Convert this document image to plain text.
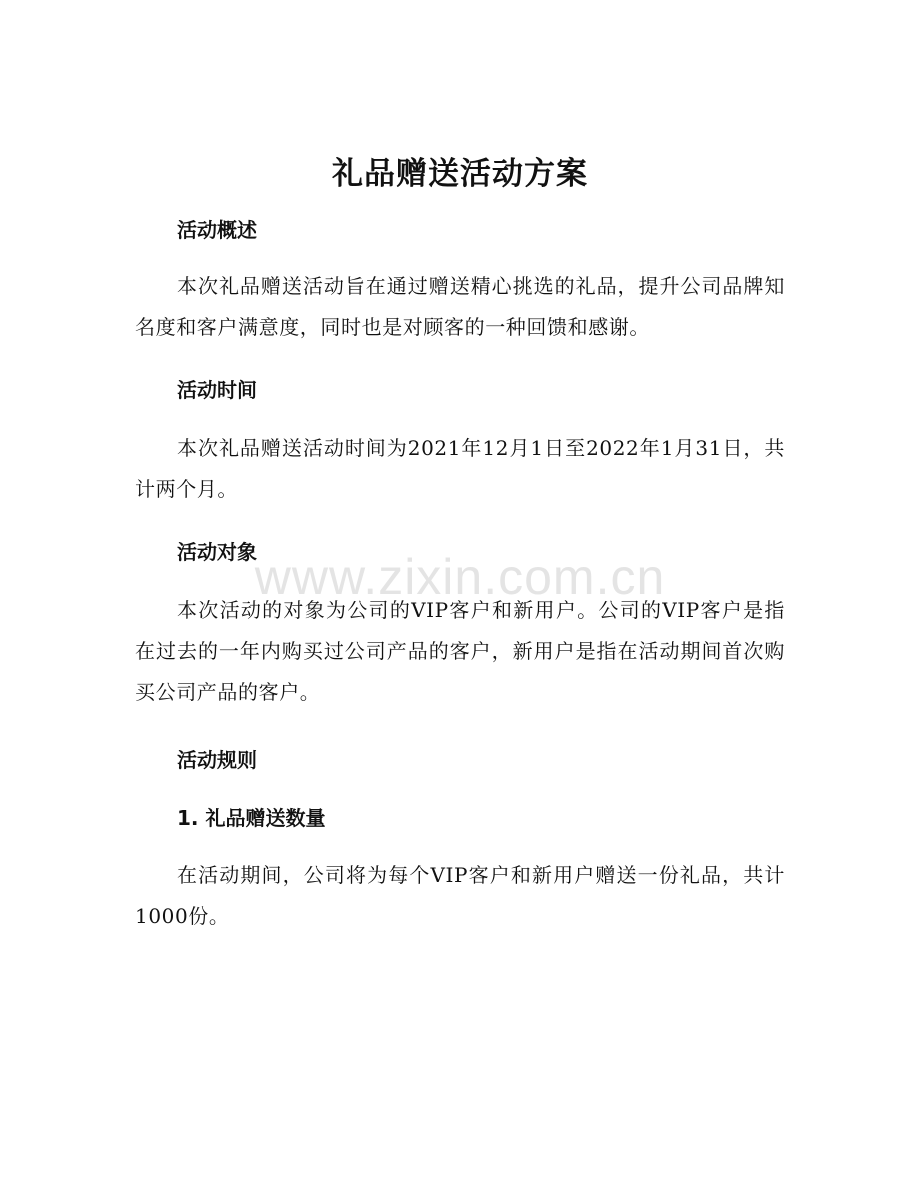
礼品赠送活动方案
活动概述

本次礼品赠送活动旨在通过赠送精心挑选的礼品，提升公司品牌知名度和客户满意度，同时也是对顾客的一种回馈和感谢。

活动时间

本次礼品赠送活动时间为2021年12月1日至2022年1月31日，共计两个月。

活动对象

本次活动的对象为公司的VIP客户和新用户。公司的VIP客户是指在过去的一年内购买过公司产品的客户，新用户是指在活动期间首次购买公司产品的客户。

活动规则
1. 礼品赠送数量

在活动期间，公司将为每个VIP客户和新用户赠送一份礼品，共计1000份。

www.zixin.com.cn
